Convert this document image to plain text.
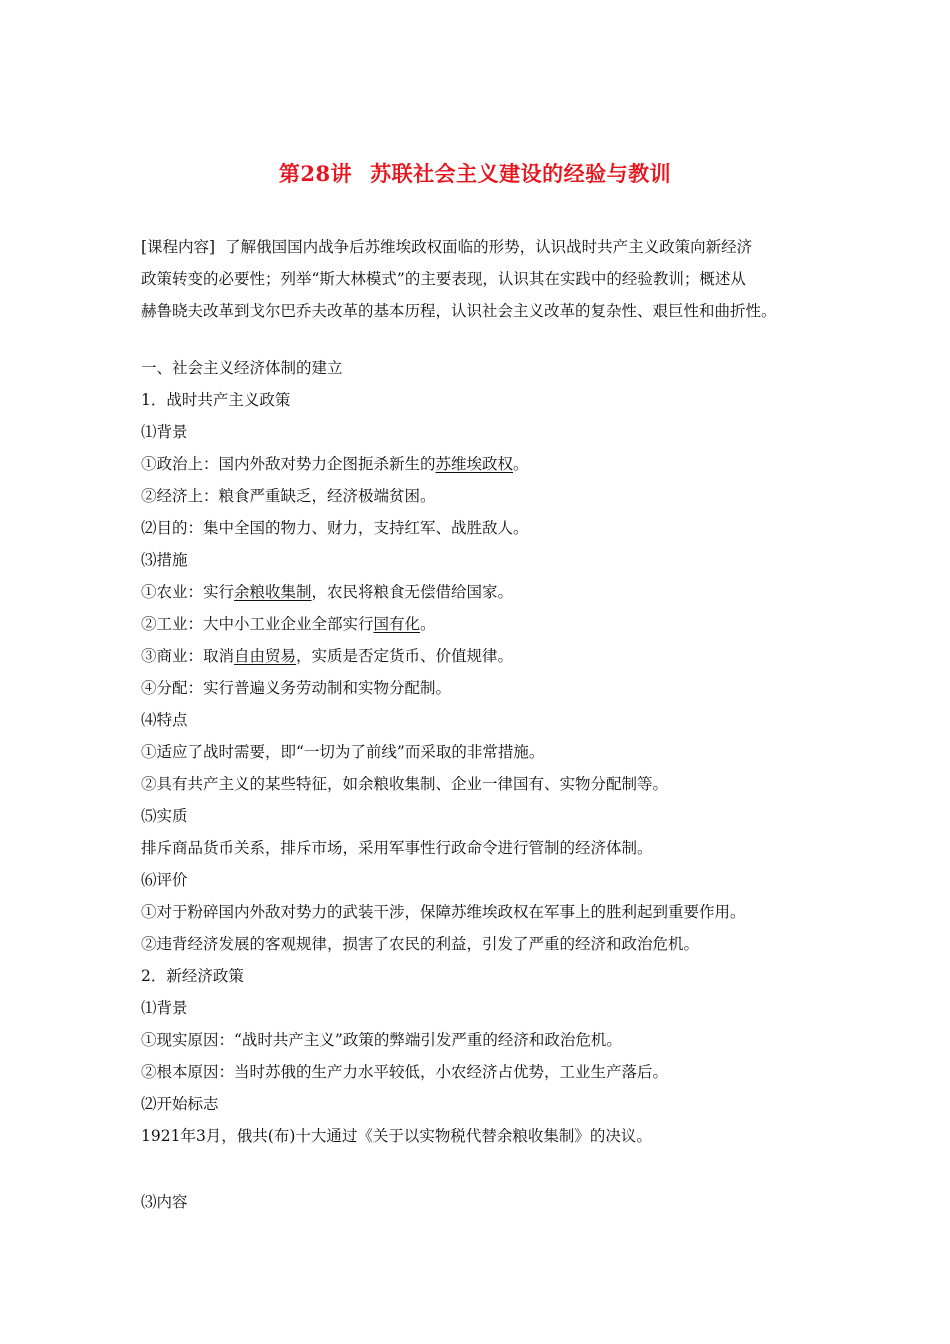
第28讲 苏联社会主义建设的经验与教训
[课程内容] 了解俄国国内战争后苏维埃政权面临的形势，认识战时共产主义政策向新经济
政策转变的必要性；列举“斯大林模式”的主要表现，认识其在实践中的经验教训；概述从
赫鲁晓夫改革到戈尔巴乔夫改革的基本历程，认识社会主义改革的复杂性、艰巨性和曲折性。
一、社会主义经济体制的建立
1．战时共产主义政策
⑴背景
①政治上：国内外敌对势力企图扼杀新生的苏维埃政权。
②经济上：粮食严重缺乏，经济极端贫困。
⑵目的：集中全国的物力、财力，支持红军、战胜敌人。
⑶措施
①农业：实行余粮收集制，农民将粮食无偿借给国家。
②工业：大中小工业企业全部实行国有化。
③商业：取消自由贸易，实质是否定货币、价值规律。
④分配：实行普遍义务劳动制和实物分配制。
⑷特点
①适应了战时需要，即“一切为了前线”而采取的非常措施。
②具有共产主义的某些特征，如余粮收集制、企业一律国有、实物分配制等。
⑸实质
排斥商品货币关系，排斥市场，采用军事性行政命令进行管制的经济体制。
⑹评价
①对于粉碎国内外敌对势力的武装干涉，保障苏维埃政权在军事上的胜利起到重要作用。
②违背经济发展的客观规律，损害了农民的利益，引发了严重的经济和政治危机。
2．新经济政策
⑴背景
①现实原因：“战时共产主义”政策的弊端引发严重的经济和政治危机。
②根本原因：当时苏俄的生产力水平较低，小农经济占优势，工业生产落后。
⑵开始标志
1921年3月，俄共(布)十大通过《关于以实物税代替余粮收集制》的决议。
⑶内容
